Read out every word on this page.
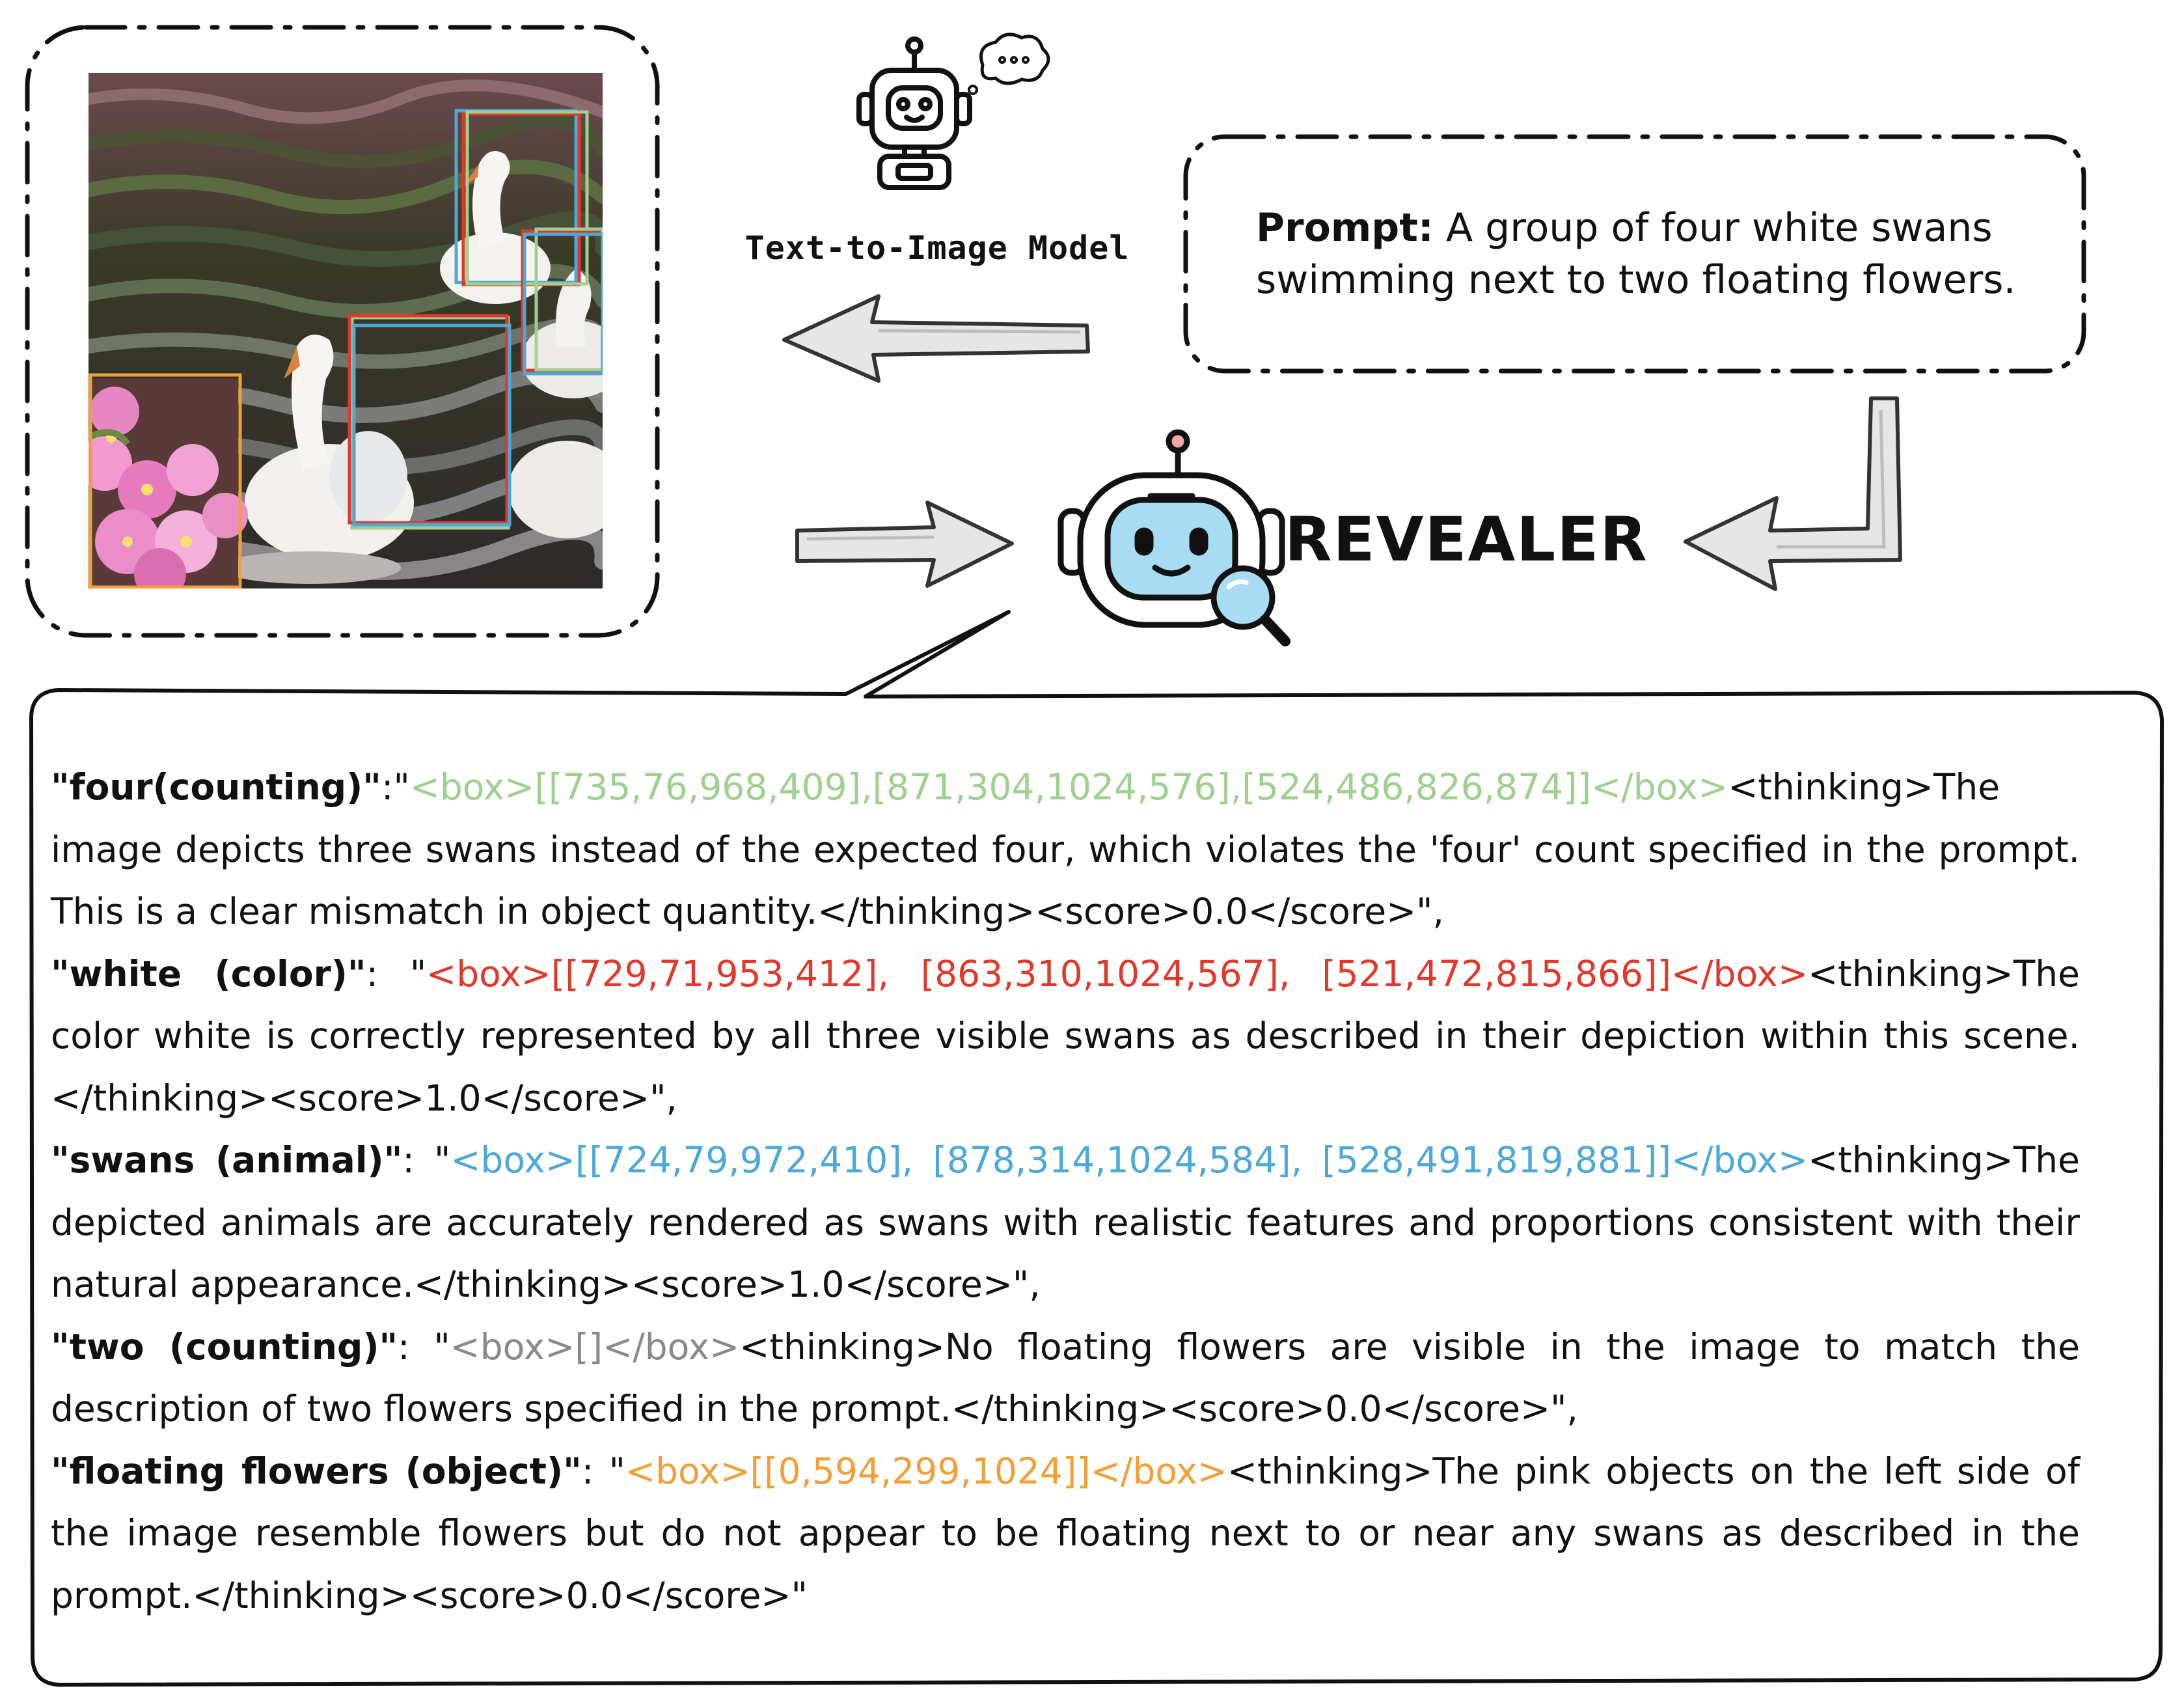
Text-to-Image Model	Prompt: A group of four white swans swimming next to two floating flowers.
REVEALER

"four(counting)":"<box>[[735,76,968,409],[871,304,1024,576],[524,486,826,874]]</box><thinking>The image depicts three swans instead of the expected four, which violates the 'four' count specified in the prompt. This is a clear mismatch in object quantity.</thinking><score>0.0</score>",

"white (color)": "<box>[[729,71,953,412], [863,310,1024,567], [521,472,815,866]]</box><thinking>The color white is correctly represented by all three visible swans as described in their depiction within this scene.</thinking><score>1.0</score>",

"swans (animal)": "<box>[[724,79,972,410], [878,314,1024,584], [528,491,819,881]]</box><thinking>The depicted animals are accurately rendered as swans with realistic features and proportions consistent with their natural appearance.</thinking><score>1.0</score>",

"two (counting)": "<box>[]</box><thinking>No floating flowers are visible in the image to match the description of two flowers specified in the prompt.</thinking><score>0.0</score>",

"floating flowers (object)": "<box>[[0,594,299,1024]]</box><thinking>The pink objects on the left side of the image resemble flowers but do not appear to be floating next to or near any swans as described in the prompt.</thinking><score>0.0</score>"
